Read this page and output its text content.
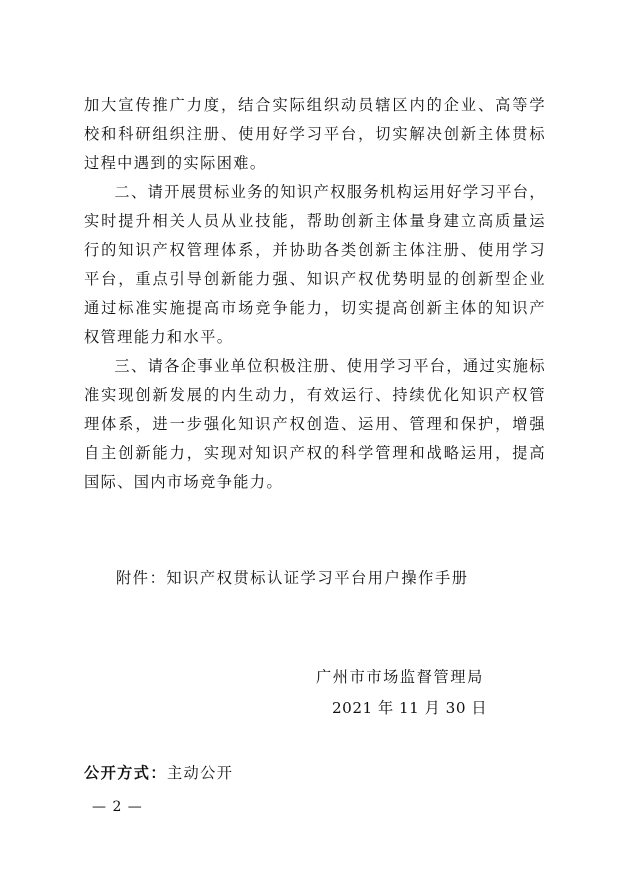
加大宣传推广力度，结合实际组织动员辖区内的企业、高等学校和科研组织注册、使用好学习平台，切实解决创新主体贯标过程中遇到的实际困难。

二、请开展贯标业务的知识产权服务机构运用好学习平台，实时提升相关人员从业技能，帮助创新主体量身建立高质量运行的知识产权管理体系，并协助各类创新主体注册、使用学习平台，重点引导创新能力强、知识产权优势明显的创新型企业通过标准实施提高市场竞争能力，切实提高创新主体的知识产权管理能力和水平。

三、请各企事业单位积极注册、使用学习平台，通过实施标准实现创新发展的内生动力，有效运行、持续优化知识产权管理体系，进一步强化知识产权创造、运用、管理和保护，增强自主创新能力，实现对知识产权的科学管理和战略运用，提高国际、国内市场竞争能力。

附件：知识产权贯标认证学习平台用户操作手册
广州市市场监督管理局
2021 年 11 月 30 日
公开方式：主动公开
— 2 —
